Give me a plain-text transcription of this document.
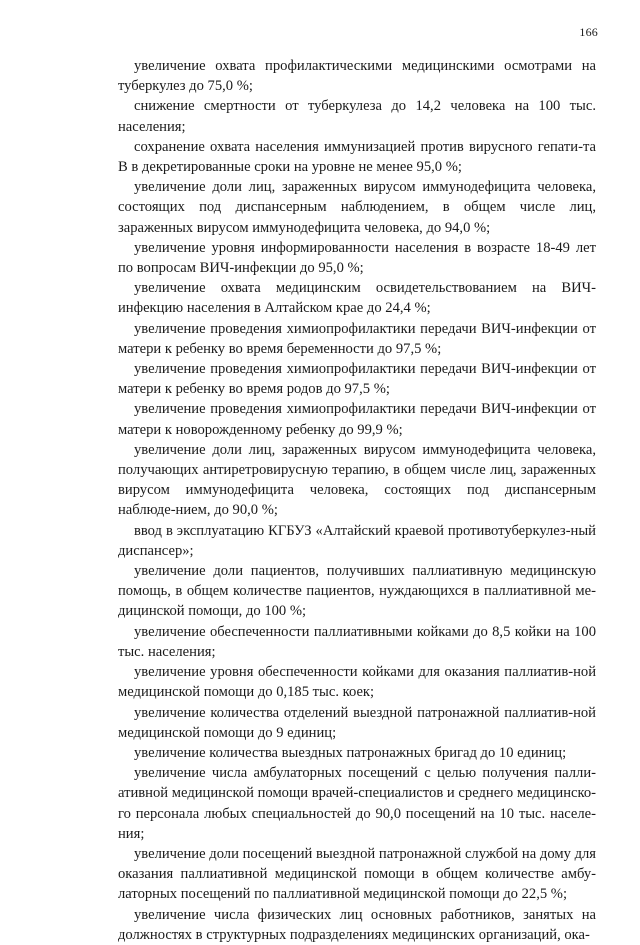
166

увеличение охвата профилактическими медицинскими осмотрами на туберкулез до 75,0 %;

снижение смертности от туберкулеза до 14,2 человека на 100 тыс. населения;

сохранение охвата населения иммунизацией против вирусного гепати-та В в декретированные сроки на уровне не менее 95,0 %;

увеличение доли лиц, зараженных вирусом иммунодефицита человека, состоящих под диспансерным наблюдением, в общем числе лиц, зараженных вирусом иммунодефицита человека, до 94,0 %;

увеличение уровня информированности населения в возрасте 18-49 лет по вопросам ВИЧ-инфекции до 95,0 %;

увеличение охвата медицинским освидетельствованием на ВИЧ-инфекцию населения в Алтайском крае до 24,4 %;

увеличение проведения химиопрофилактики передачи ВИЧ-инфекции от матери к ребенку во время беременности до 97,5 %;

увеличение проведения химиопрофилактики передачи ВИЧ-инфекции от матери к ребенку во время родов до 97,5 %;

увеличение проведения химиопрофилактики передачи ВИЧ-инфекции от матери к новорожденному ребенку до 99,9 %;

увеличение доли лиц, зараженных вирусом иммунодефицита человека, получающих антиретровирусную терапию, в общем числе лиц, зараженных вирусом иммунодефицита человека, состоящих под диспансерным наблюде-нием, до 90,0 %;

ввод в эксплуатацию КГБУЗ «Алтайский краевой противотуберкулез-ный диспансер»;

увеличение доли пациентов, получивших паллиативную медицинскую помощь, в общем количестве пациентов, нуждающихся в паллиативной ме-дицинской помощи, до 100 %;

увеличение обеспеченности паллиативными койками до 8,5 койки на 100 тыс. населения;

увеличение уровня обеспеченности койками для оказания паллиатив-ной медицинской помощи до 0,185 тыс. коек;

увеличение количества отделений выездной патронажной паллиатив-ной медицинской помощи до 9 единиц;

увеличение количества выездных патронажных бригад до 10 единиц;

увеличение числа амбулаторных посещений с целью получения палли-ативной медицинской помощи врачей-специалистов и среднего медицинско-го персонала любых специальностей до 90,0 посещений на 10 тыс. населе-ния;

увеличение доли посещений выездной патронажной службой на дому для оказания паллиативной медицинской помощи в общем количестве амбу-латорных посещений по паллиативной медицинской помощи до 22,5 %;

увеличение числа физических лиц основных работников, занятых на должностях в структурных подразделениях медицинских организаций, ока-
